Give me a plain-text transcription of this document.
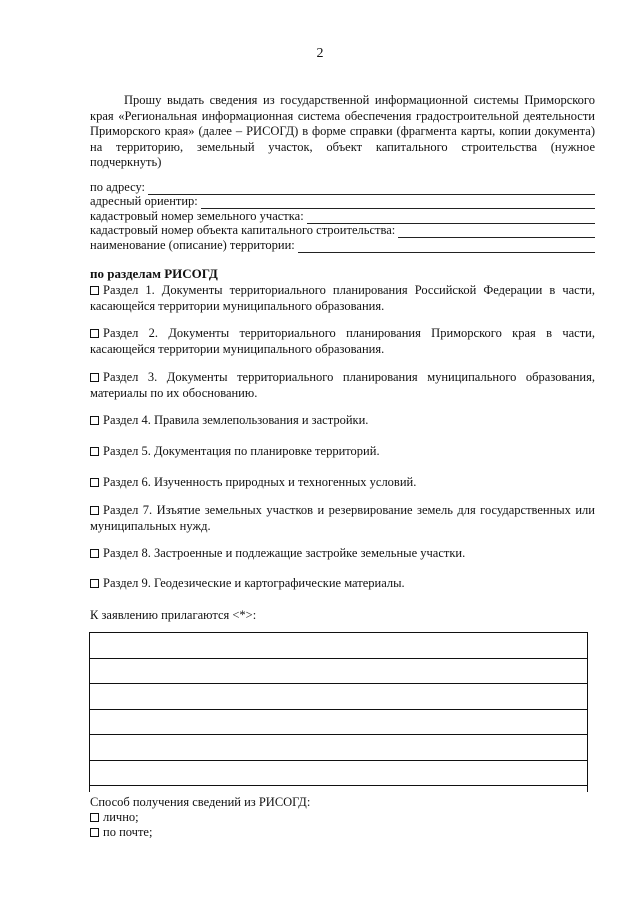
2
Прошу выдать сведения из государственной информационной системы Приморского края «Региональная информационная система обеспечения градостроительной деятельности Приморского края» (далее – РИСОГД) в форме справки (фрагмента карты, копии документа) на территорию, земельный участок, объект капитального строительства (нужное подчеркнуть)
по адресу:
адресный ориентир:
кадастровый номер земельного участка:
кадастровый номер объекта капитального строительства:
наименование (описание) территории:
по разделам РИСОГД
Раздел 1. Документы территориального планирования Российской Федерации в части, касающейся территории муниципального образования.
Раздел 2. Документы территориального планирования Приморского края в части, касающейся территории муниципального образования.
Раздел 3. Документы территориального планирования муниципального образования, материалы по их обоснованию.
Раздел 4. Правила землепользования и застройки.
Раздел 5. Документация по планировке территорий.
Раздел 6. Изученность природных и техногенных условий.
Раздел 7. Изъятие земельных участков и резервирование земель для государственных или муниципальных нужд.
Раздел 8. Застроенные и подлежащие застройке земельные участки.
Раздел 9. Геодезические и картографические материалы.
К заявлению прилагаются <*>:
Способ получения сведений из РИСОГД:
лично;
по почте;
